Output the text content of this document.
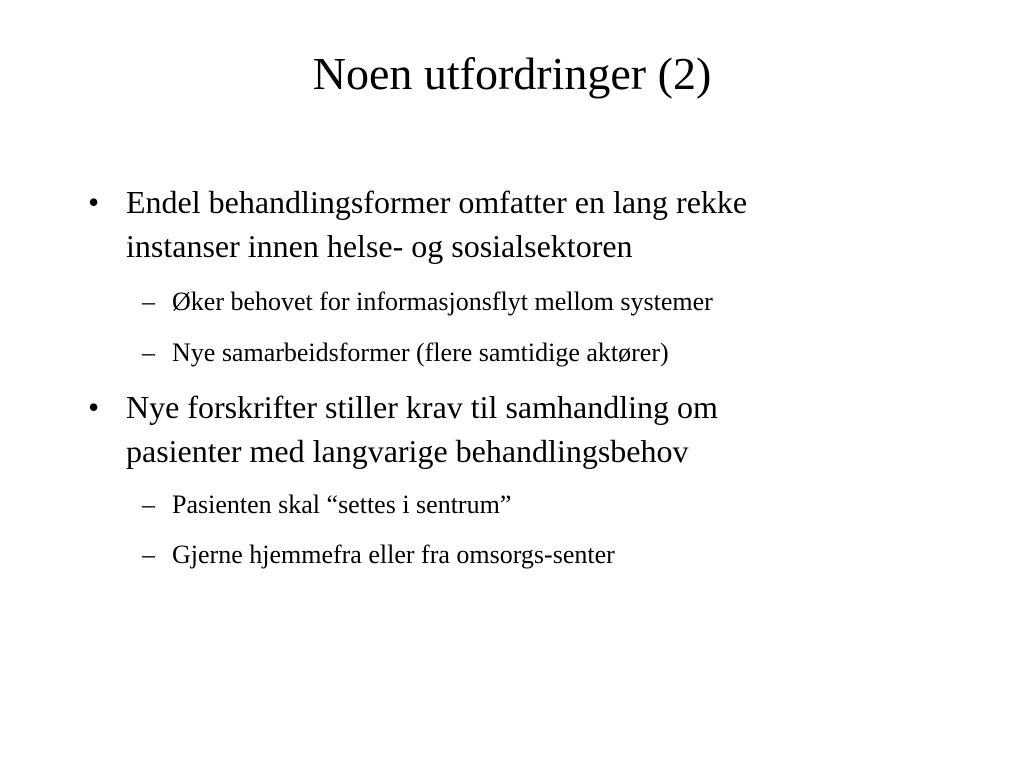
Noen utfordringer (2)
• Endel behandlingsformer omfatter en lang rekke
instanser innen helse- og sosialsektoren
– Øker behovet for informasjonsflyt mellom systemer
– Nye samarbeidsformer (flere samtidige aktører)
• Nye forskrifter stiller krav til samhandling om
pasienter med langvarige behandlingsbehov
– Pasienten skal “settes i sentrum”
– Gjerne hjemmefra eller fra omsorgs-senter
